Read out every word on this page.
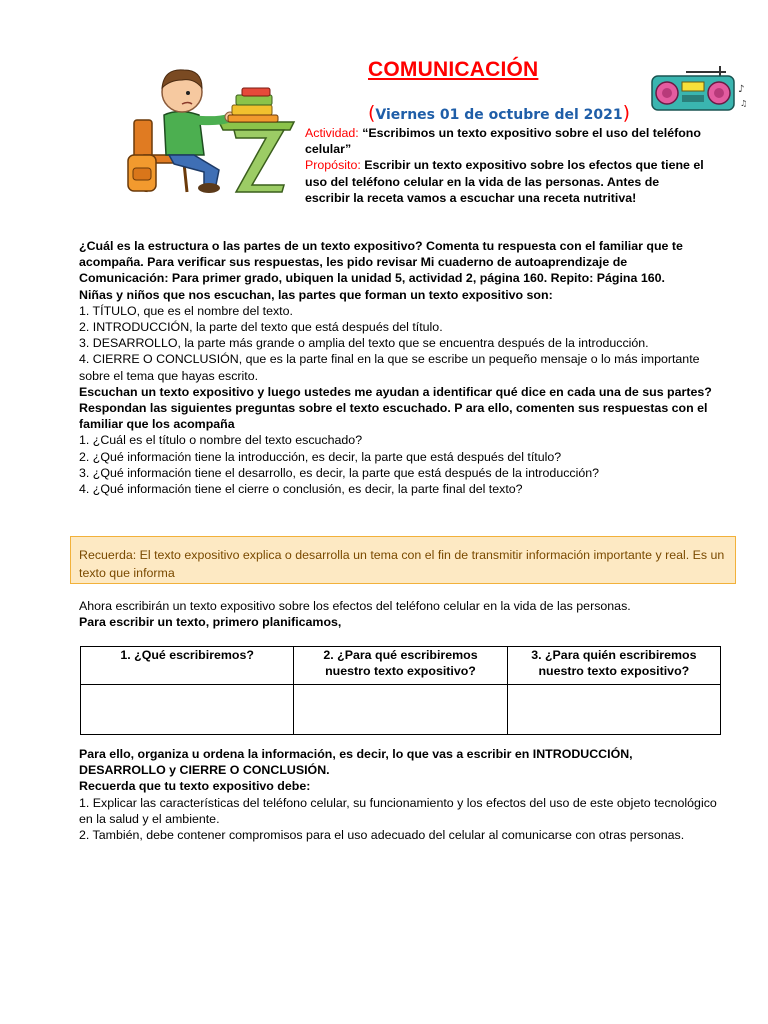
♪
♫
COMUNICACIÓN
(Viernes 01 de octubre del 2021)
Actividad: “Escribimos un texto expositivo sobre el uso del teléfono celular”
Propósito: Escribir un texto expositivo sobre los efectos que tiene el uso del teléfono celular en la vida de las personas. Antes de escribir la receta vamos a escuchar una receta nutritiva!
¿Cuál es la estructura o las partes de un texto expositivo? Comenta tu respuesta con el familiar que te acompaña. Para verificar sus respuestas, les pido revisar Mi cuaderno de autoaprendizaje de Comunicación: Para primer grado, ubiquen la unidad 5, actividad 2, página 160. Repito: Página 160.
Niñas y niños que nos escuchan, las partes que forman un texto expositivo son:
1. TÍTULO, que es el nombre del texto.
2. INTRODUCCIÓN, la parte del texto que está después del título.
3. DESARROLLO, la parte más grande o amplia del texto que se encuentra después de la introducción.
4. CIERRE O CONCLUSIÓN, que es la parte final en la que se escribe un pequeño mensaje o lo más importante sobre el tema que hayas escrito.
Escuchan un texto expositivo y luego ustedes me ayudan a identificar qué dice en cada una de sus partes?
Respondan las siguientes preguntas sobre el texto escuchado. P ara ello, comenten sus respuestas con el familiar que los acompaña
1. ¿Cuál es el título o nombre del texto escuchado?
2. ¿Qué información tiene la introducción, es decir, la parte que está después del título?
3. ¿Qué información tiene el desarrollo, es decir, la parte que está después de la introducción?
4. ¿Qué información tiene el cierre o conclusión, es decir, la parte final del texto?
Recuerda: El texto expositivo explica o desarrolla un tema con el fin de transmitir información importante y real. Es un texto que informa
Ahora escribirán un texto expositivo sobre los efectos del teléfono celular en la vida de las personas.
Para escribir un texto, primero planificamos,
1. ¿Qué escribiremos?	2. ¿Para qué escribiremos nuestro texto expositivo?	3. ¿Para quién escribiremos nuestro texto expositivo?

Para ello, organiza u ordena la información, es decir, lo que vas a escribir en INTRODUCCIÓN, DESARROLLO y CIERRE O CONCLUSIÓN.
Recuerda que tu texto expositivo debe:
1. Explicar las características del teléfono celular, su funcionamiento y los efectos del uso de este objeto tecnológico en la salud y el ambiente.
2. También, debe contener compromisos para el uso adecuado del celular al comunicarse con otras personas.
